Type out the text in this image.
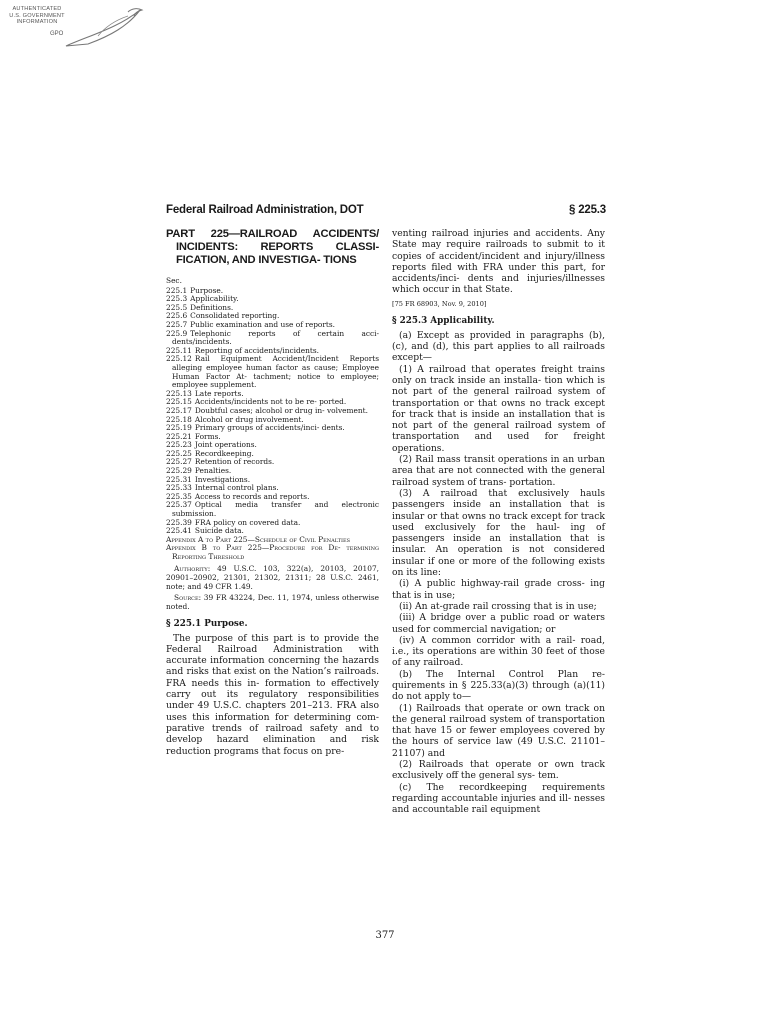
AUTHENTICATED
U.S. GOVERNMENT
INFORMATION
GPO
Federal Railroad Administration, DOT	§ 225.3
PART 225—RAILROAD ACCIDENTS/ INCIDENTS: REPORTS CLASSI- FICATION, AND INVESTIGA- TIONS
Sec.
225.1 Purpose.
225.3 Applicability.
225.5 Definitions.
225.6 Consolidated reporting.
225.7 Public examination and use of reports.
225.9 Telephonic reports of certain acci- dents/incidents.
225.11 Reporting of accidents/incidents.
225.12 Rail Equipment Accident/Incident Reports alleging employee human factor as cause; Employee Human Factor At- tachment; notice to employee; employee supplement.
225.13 Late reports.
225.15 Accidents/incidents not to be re- ported.
225.17 Doubtful cases; alcohol or drug in- volvement.
225.18 Alcohol or drug involvement.
225.19 Primary groups of accidents/inci- dents.
225.21 Forms.
225.23 Joint operations.
225.25 Recordkeeping.
225.27 Retention of records.
225.29 Penalties.
225.31 Investigations.
225.33 Internal control plans.
225.35 Access to records and reports.
225.37 Optical media transfer and electronic submission.
225.39 FRA policy on covered data.
225.41 Suicide data.
Appendix A to Part 225—Schedule of Civil Penalties
Appendix B to Part 225—Procedure for De- termining Reporting Threshold

Authority: 49 U.S.C. 103, 322(a), 20103, 20107, 20901–20902, 21301, 21302, 21311; 28 U.S.C. 2461, note; and 49 CFR 1.49.

Source: 39 FR 43224, Dec. 11, 1974, unless otherwise noted.

§ 225.1 Purpose.

The purpose of this part is to provide the Federal Railroad Administration with accurate information concerning the hazards and risks that exist on the Nation’s railroads. FRA needs this in- formation to effectively carry out its regulatory responsibilities under 49 U.S.C. chapters 201–213. FRA also uses this information for determining com- parative trends of railroad safety and to develop hazard elimination and risk reduction programs that focus on pre-

venting railroad injuries and accidents. Any State may require railroads to submit to it copies of accident/incident and injury/illness reports filed with FRA under this part, for accidents/inci- dents and injuries/illnesses which occur in that State.

[75 FR 68903, Nov. 9, 2010]
§ 225.3 Applicability.

(a) Except as provided in paragraphs (b), (c), and (d), this part applies to all railroads except—

(1) A railroad that operates freight trains only on track inside an installa- tion which is not part of the general railroad system of transportation or that owns no track except for track that is inside an installation that is not part of the general railroad system of transportation and used for freight operations.

(2) Rail mass transit operations in an urban area that are not connected with the general railroad system of trans- portation.

(3) A railroad that exclusively hauls passengers inside an installation that is insular or that owns no track except for track used exclusively for the haul- ing of passengers inside an installation that is insular. An operation is not considered insular if one or more of the following exists on its line:

(i) A public highway-rail grade cross- ing that is in use;

(ii) An at-grade rail crossing that is in use;

(iii) A bridge over a public road or waters used for commercial navigation; or

(iv) A common corridor with a rail- road, i.e., its operations are within 30 feet of those of any railroad.

(b) The Internal Control Plan re- quirements in § 225.33(a)(3) through (a)(11) do not apply to—

(1) Railroads that operate or own track on the general railroad system of transportation that have 15 or fewer employees covered by the hours of service law (49 U.S.C. 21101–21107) and

(2) Railroads that operate or own track exclusively off the general sys- tem.

(c) The recordkeeping requirements regarding accountable injuries and ill- nesses and accountable rail equipment

377
